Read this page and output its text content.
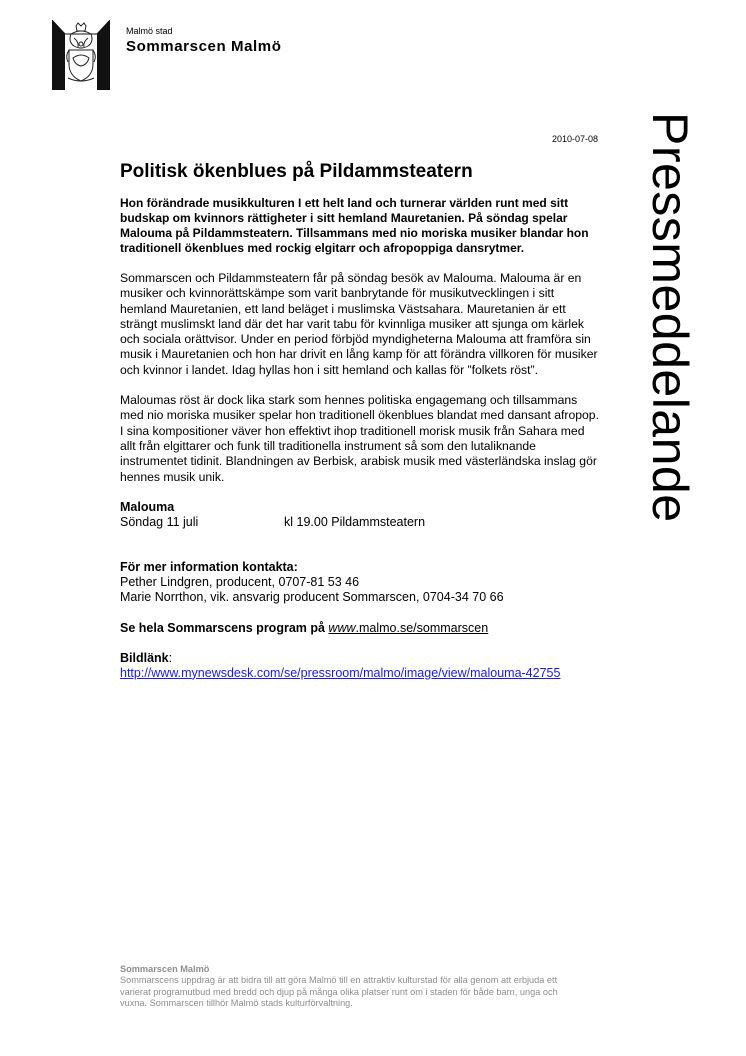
Malmö stad
Sommarscen Malmö
Pressmeddelande
2010-07-08
Politisk ökenblues på Pildammsteatern

Hon förändrade musikkulturen I ett helt land och turnerar världen runt med sitt budskap om kvinnors rättigheter i sitt hemland Mauretanien. På söndag spelar Malouma på Pildammsteatern. Tillsammans med nio moriska musiker blandar hon traditionell ökenblues med rockig elgitarr och afropoppiga dansrytmer.

Sommarscen och Pildammsteatern får på söndag besök av Malouma. Malouma är en musiker och kvinnorättskämpe som varit banbrytande för musikutvecklingen i sitt hemland Mauretanien, ett land beläget i muslimska Västsahara. Mauretanien är ett strängt muslimskt land där det har varit tabu för kvinnliga musiker att sjunga om kärlek och sociala orättvisor. Under en period förbjöd myndigheterna Malouma att framföra sin musik i Mauretanien och hon har drivit en lång kamp för att förändra villkoren för musiker och kvinnor i landet. Idag hyllas hon i sitt hemland och kallas för ”folkets röst”.

Maloumas röst är dock lika stark som hennes politiska engagemang och tillsammans med nio moriska musiker spelar hon traditionell ökenblues blandat med dansant afropop. I sina kompositioner väver hon effektivt ihop traditionell morisk musik från Sahara med allt från elgittarer och funk till traditionella instrument så som den lutaliknande instrumentet tidinit. Blandningen av Berbisk, arabisk musik med västerländska inslag gör hennes musik unik.

Malouma
Söndag 11 juli	kl 19.00 Pildammsteatern
För mer information kontakta:
Pether Lindgren, producent, 0707-81 53 46
Marie Norrthon, vik. ansvarig producent Sommarscen, 0704-34 70 66
Se hela Sommarscens program på www.malmo.se/sommarscen
Bildlänk:
http://www.mynewsdesk.com/se/pressroom/malmo/image/view/malouma-42755
Sommarscen Malmö
Sommarscens uppdrag är att bidra till att göra Malmö till en attraktiv kulturstad för alla genom att erbjuda ett varierat programutbud med bredd och djup på många olika platser runt om i staden för både barn, unga och vuxna. Sommarscen tillhör Malmö stads kulturförvaltning.
